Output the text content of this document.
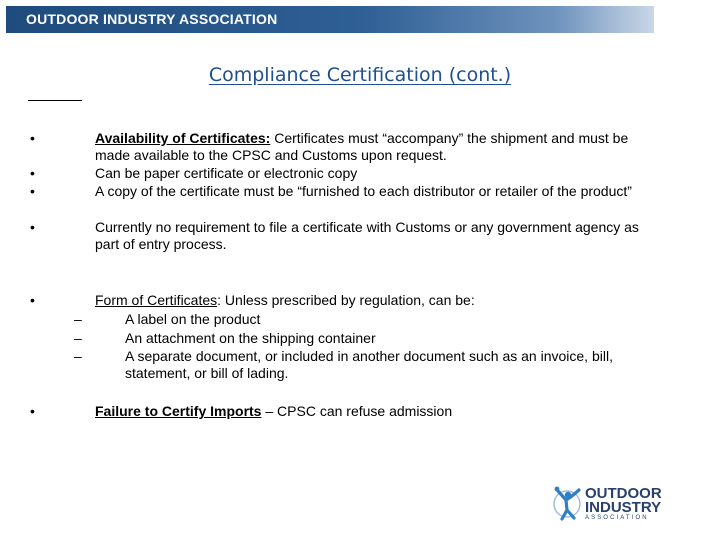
OUTDOOR INDUSTRY ASSOCIATION
Compliance Certification (cont.)
•	Availability of Certificates: Certificates must “accompany” the shipment and must be made available to the CPSC and Customs upon request.
•	Can be paper certificate or electronic copy
•	A copy of the certificate must be “furnished to each distributor or retailer of the product”
•	Currently no requirement to file a certificate with Customs or any government agency as part of entry process.
•	Form of Certificates: Unless prescribed by regulation, can be:
–	A label on the product
–	An attachment on the shipping container
–	A separate document, or included in another document such as an invoice, bill, statement, or bill of lading.
•	Failure to Certify Imports – CPSC can refuse admission
OUTDOOR
INDUSTRY
ASSOCIATION
